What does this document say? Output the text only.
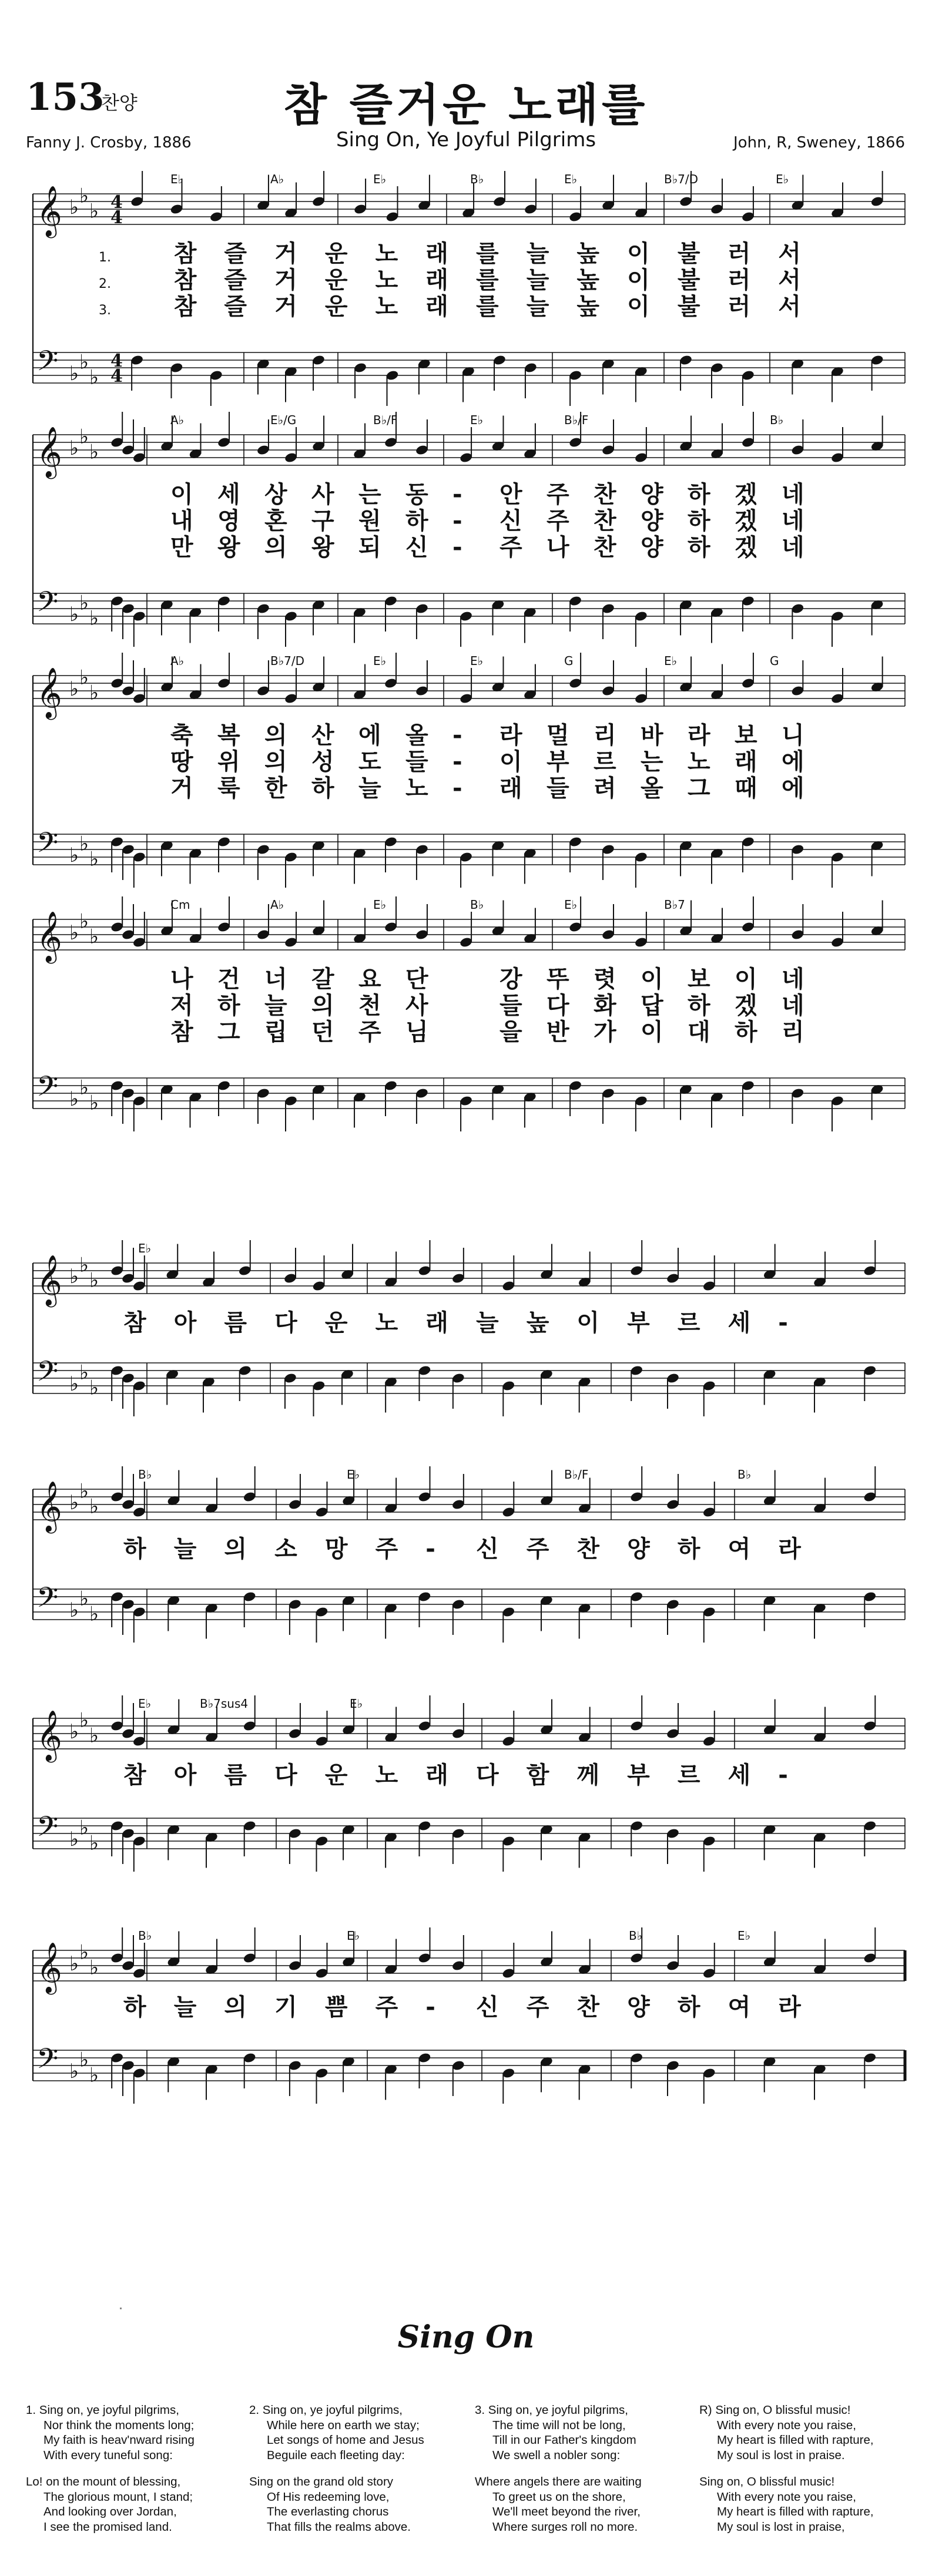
153
찬양	참 즐거운 노래를
Sing On, Ye Joyful Pilgrims
Fanny J. Crosby, 1886	John, R, Sweney, 1866
𝄞 ♭ ♭
♭
𝄢 ♭ ♭
♭
4
4
4
4
E♭	A♭	E♭	B♭	E♭	B♭7/D	E♭
1.	참 즐 거 운 노 래 를 늘 높 이 불 러 서
2.	참 즐 거 운 노 래 를 늘 높 이 불 러 서
3.	참 즐 거 운 노 래 를 늘 높 이 불 러 서
𝄞 ♭ ♭
♭
𝄢 ♭ ♭
♭
A♭	E♭/G	B♭/F	E♭	B♭/F	B♭
이 세 상 사 는 동 - 안 주 찬 양 하 겠 네
내 영 혼 구 원 하 - 신 주 찬 양 하 겠 네
만 왕 의 왕 되 신 - 주 나 찬 양 하 겠 네
𝄞 ♭ ♭
♭
𝄢 ♭ ♭
♭
A♭	B♭7/D	E♭	E♭	G	E♭	G
축 복 의 산 에 올 - 라 멀 리 바 라 보 니
땅 위 의 성 도 들 - 이 부 르 는 노 래 에
거 룩 한 하 늘 노 - 래 들 려 올 그 때 에
𝄞 ♭ ♭
♭
𝄢 ♭ ♭
♭
Cm	A♭	E♭	B♭	E♭	B♭7
나 건 너 갈 요 단	강 뚜 렷 이 보 이 네
저 하 늘 의 천 사	들 다 화 답 하 겠 네
참 그 립 던 주 님	을 반 가 이 대 하 리
𝄞 ♭ ♭
♭
𝄢 ♭ ♭
♭
E♭
참 아 름 다 운 노 래 늘 높 이 부 르 세 -
𝄞 ♭ ♭
♭
𝄢 ♭ ♭
♭
B♭	E♭	B♭/F	B♭
하 늘 의 소 망 주 - 신 주 찬 양 하 여 라
𝄞 ♭ ♭
♭
𝄢 ♭ ♭
♭
E♭	B♭7sus4	E♭
참 아 름 다 운 노 래 다 함 께 부 르 세 -
𝄞 ♭ ♭
♭
𝄢 ♭ ♭
♭
B♭	E♭	B♭	E♭
하 늘 의 기 쁨 주 - 신 주 찬 양 하 여 라
Sing On
1. Sing on, ye joyful pilgrims,
Nor think the moments long;
My faith is heav'nward rising
With every tuneful song:
Lo! on the mount of blessing,
The glorious mount, I stand;
And looking over Jordan,
I see the promised land.
2. Sing on, ye joyful pilgrims,
While here on earth we stay;
Let songs of home and Jesus
Beguile each fleeting day:
Sing on the grand old story
Of His redeeming love,
The everlasting chorus
That fills the realms above.
3. Sing on, ye joyful pilgrims,
The time will not be long,
Till in our Father's kingdom
We swell a nobler song:
Where angels there are waiting
To greet us on the shore,
We'll meet beyond the river,
Where surges roll no more.
R) Sing on, O blissful music!
With every note you raise,
My heart is filled with rapture,
My soul is lost in praise.
Sing on, O blissful music!
With every note you raise,
My heart is filled with rapture,
My soul is lost in praise,
